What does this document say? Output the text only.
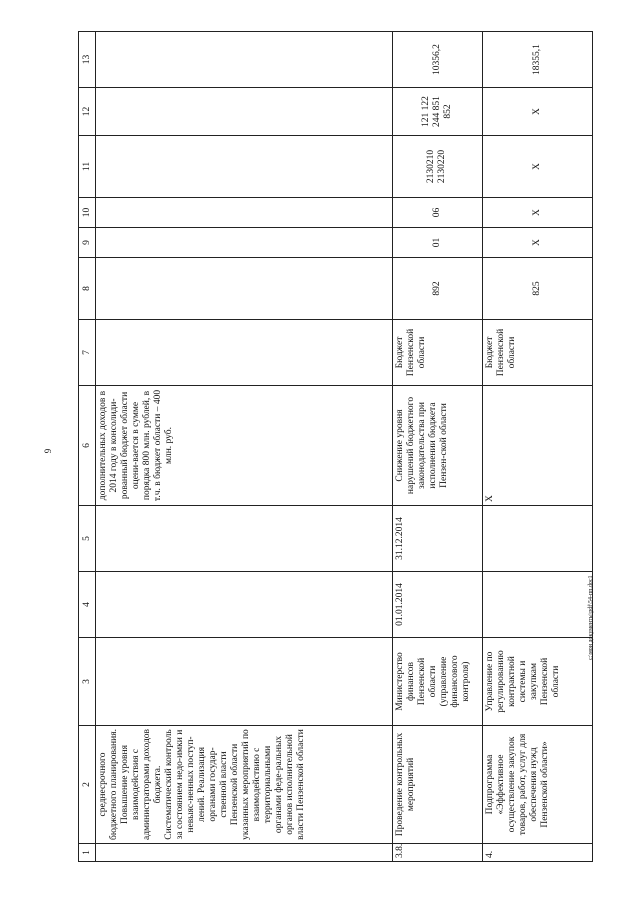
9
1	2	3	4	5	6	7	8	9	10	11	12	13
	среднесрочного бюджетного планирования. Повышение уровня взаимодействия с администраторами доходов бюджета. Систематический контроль за состоянием недо-имки и невыяс-ненных поступ-лений. Реализация органами государ-ственной власти Пензенской области указанных мероприятий по взаимодействию с территориальными органами феде-ральных органов исполнительной власти Пензенской области				дополнительных доходов в 2014 году в консолиди-рованный бюджет области оцени-вается в сумме порядка 800 млн. рублей, в т.ч. в бюджет области – 400 млн. руб.							
3.8.	Проведение контрольных мероприятий	Министерство финансов Пензенской области (управление финансового контроля)	01.01.2014	31.12.2014	Снижение уровня нарушений бюджетного законодательства при исполнении бюджета Пензен-ской области	Бюджет Пензенской области	892	01	06	2130210 2130220	121 122 244 851 852	10356,2
4.	Подпрограмма «Эффективное осуществление закупок товаров, работ, услуг для обеспечения нужд Пензенской области»	Управление по регулированию контрактной системы и закупкам Пензенской области			Х	Бюджет Пензенской области	825	Х	Х	Х	Х	18355,1
c:\мои документы\pdf\54-пп.doc1
